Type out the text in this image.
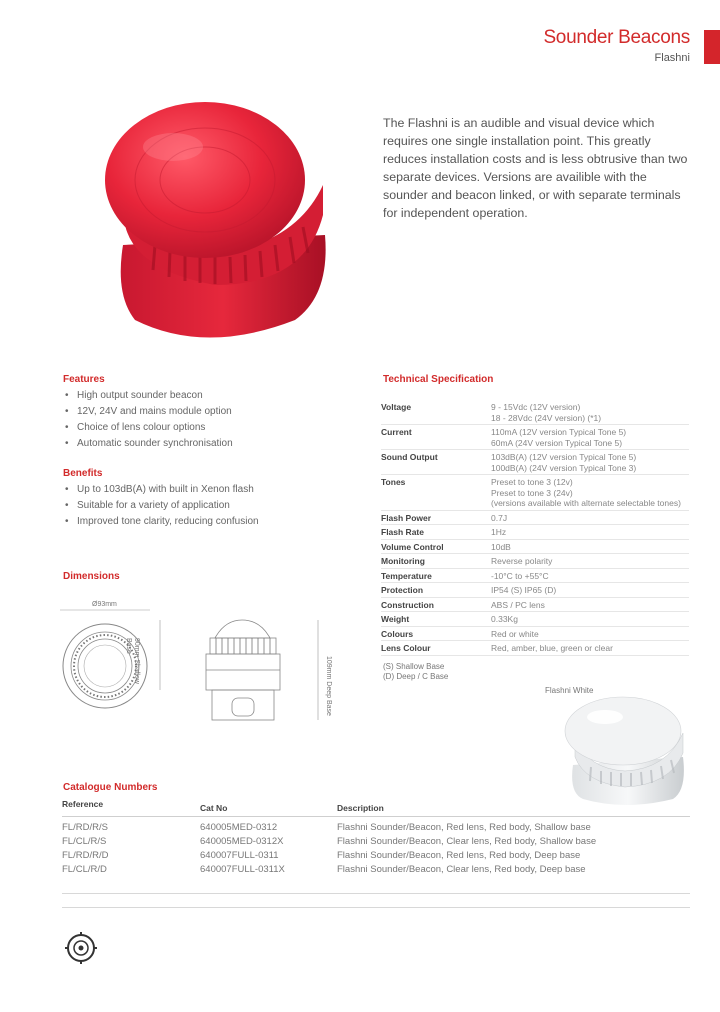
Sounder Beacons
Flashni
The Flashni is an audible and visual device which requires one single installation point. This greatly reduces installation costs and is less obtrusive than two separate devices. Versions are availible with the sounder and beacon linked, or with separate terminals for independent operation.
Features
• High output sounder beacon
• 12V, 24V and mains module option
• Choice of lens colour options
• Automatic sounder synchronisation
Benefits
• Up to 103dB(A) with built in Xenon flash
• Suitable for a variety of application
• Improved tone clarity, reducing confusion
Dimensions
Ø93mm
90mm Shallow Base
109mm Deep Base
Technical Specification
Voltage	9 - 15Vdc (12V version)
18 - 28Vdc (24V version) (*1)
Current	110mA (12V version Typical Tone 5)
60mA (24V version Typical Tone 5)
Sound Output	103dB(A) (12V version Typical Tone 5)
100dB(A) (24V version Typical Tone 3)
Tones	Preset to tone 3 (12v)
Preset to tone 3 (24v)
(versions available with alternate selectable tones)
Flash Power	0.7J
Flash Rate	1Hz
Volume Control	10dB
Monitoring	Reverse polarity
Temperature	-10°C to +55°C
Protection	IP54 (S) IP65 (D)
Construction	ABS / PC lens
Weight	0.33Kg
Colours	Red or white
Lens Colour	Red, amber, blue, green or clear
(S) Shallow Base
(D) Deep / C Base
Flashni White
Catalogue Numbers
Reference	Cat No	Description
FL/RD/R/S	640005MED-0312	Flashni Sounder/Beacon, Red lens, Red body, Shallow base
FL/CL/R/S	640005MED-0312X	Flashni Sounder/Beacon, Clear lens, Red body, Shallow base
FL/RD/R/D	640007FULL-0311	Flashni Sounder/Beacon, Red lens, Red body, Deep base
FL/CL/R/D	640007FULL-0311X	Flashni Sounder/Beacon, Clear lens, Red body, Deep base
